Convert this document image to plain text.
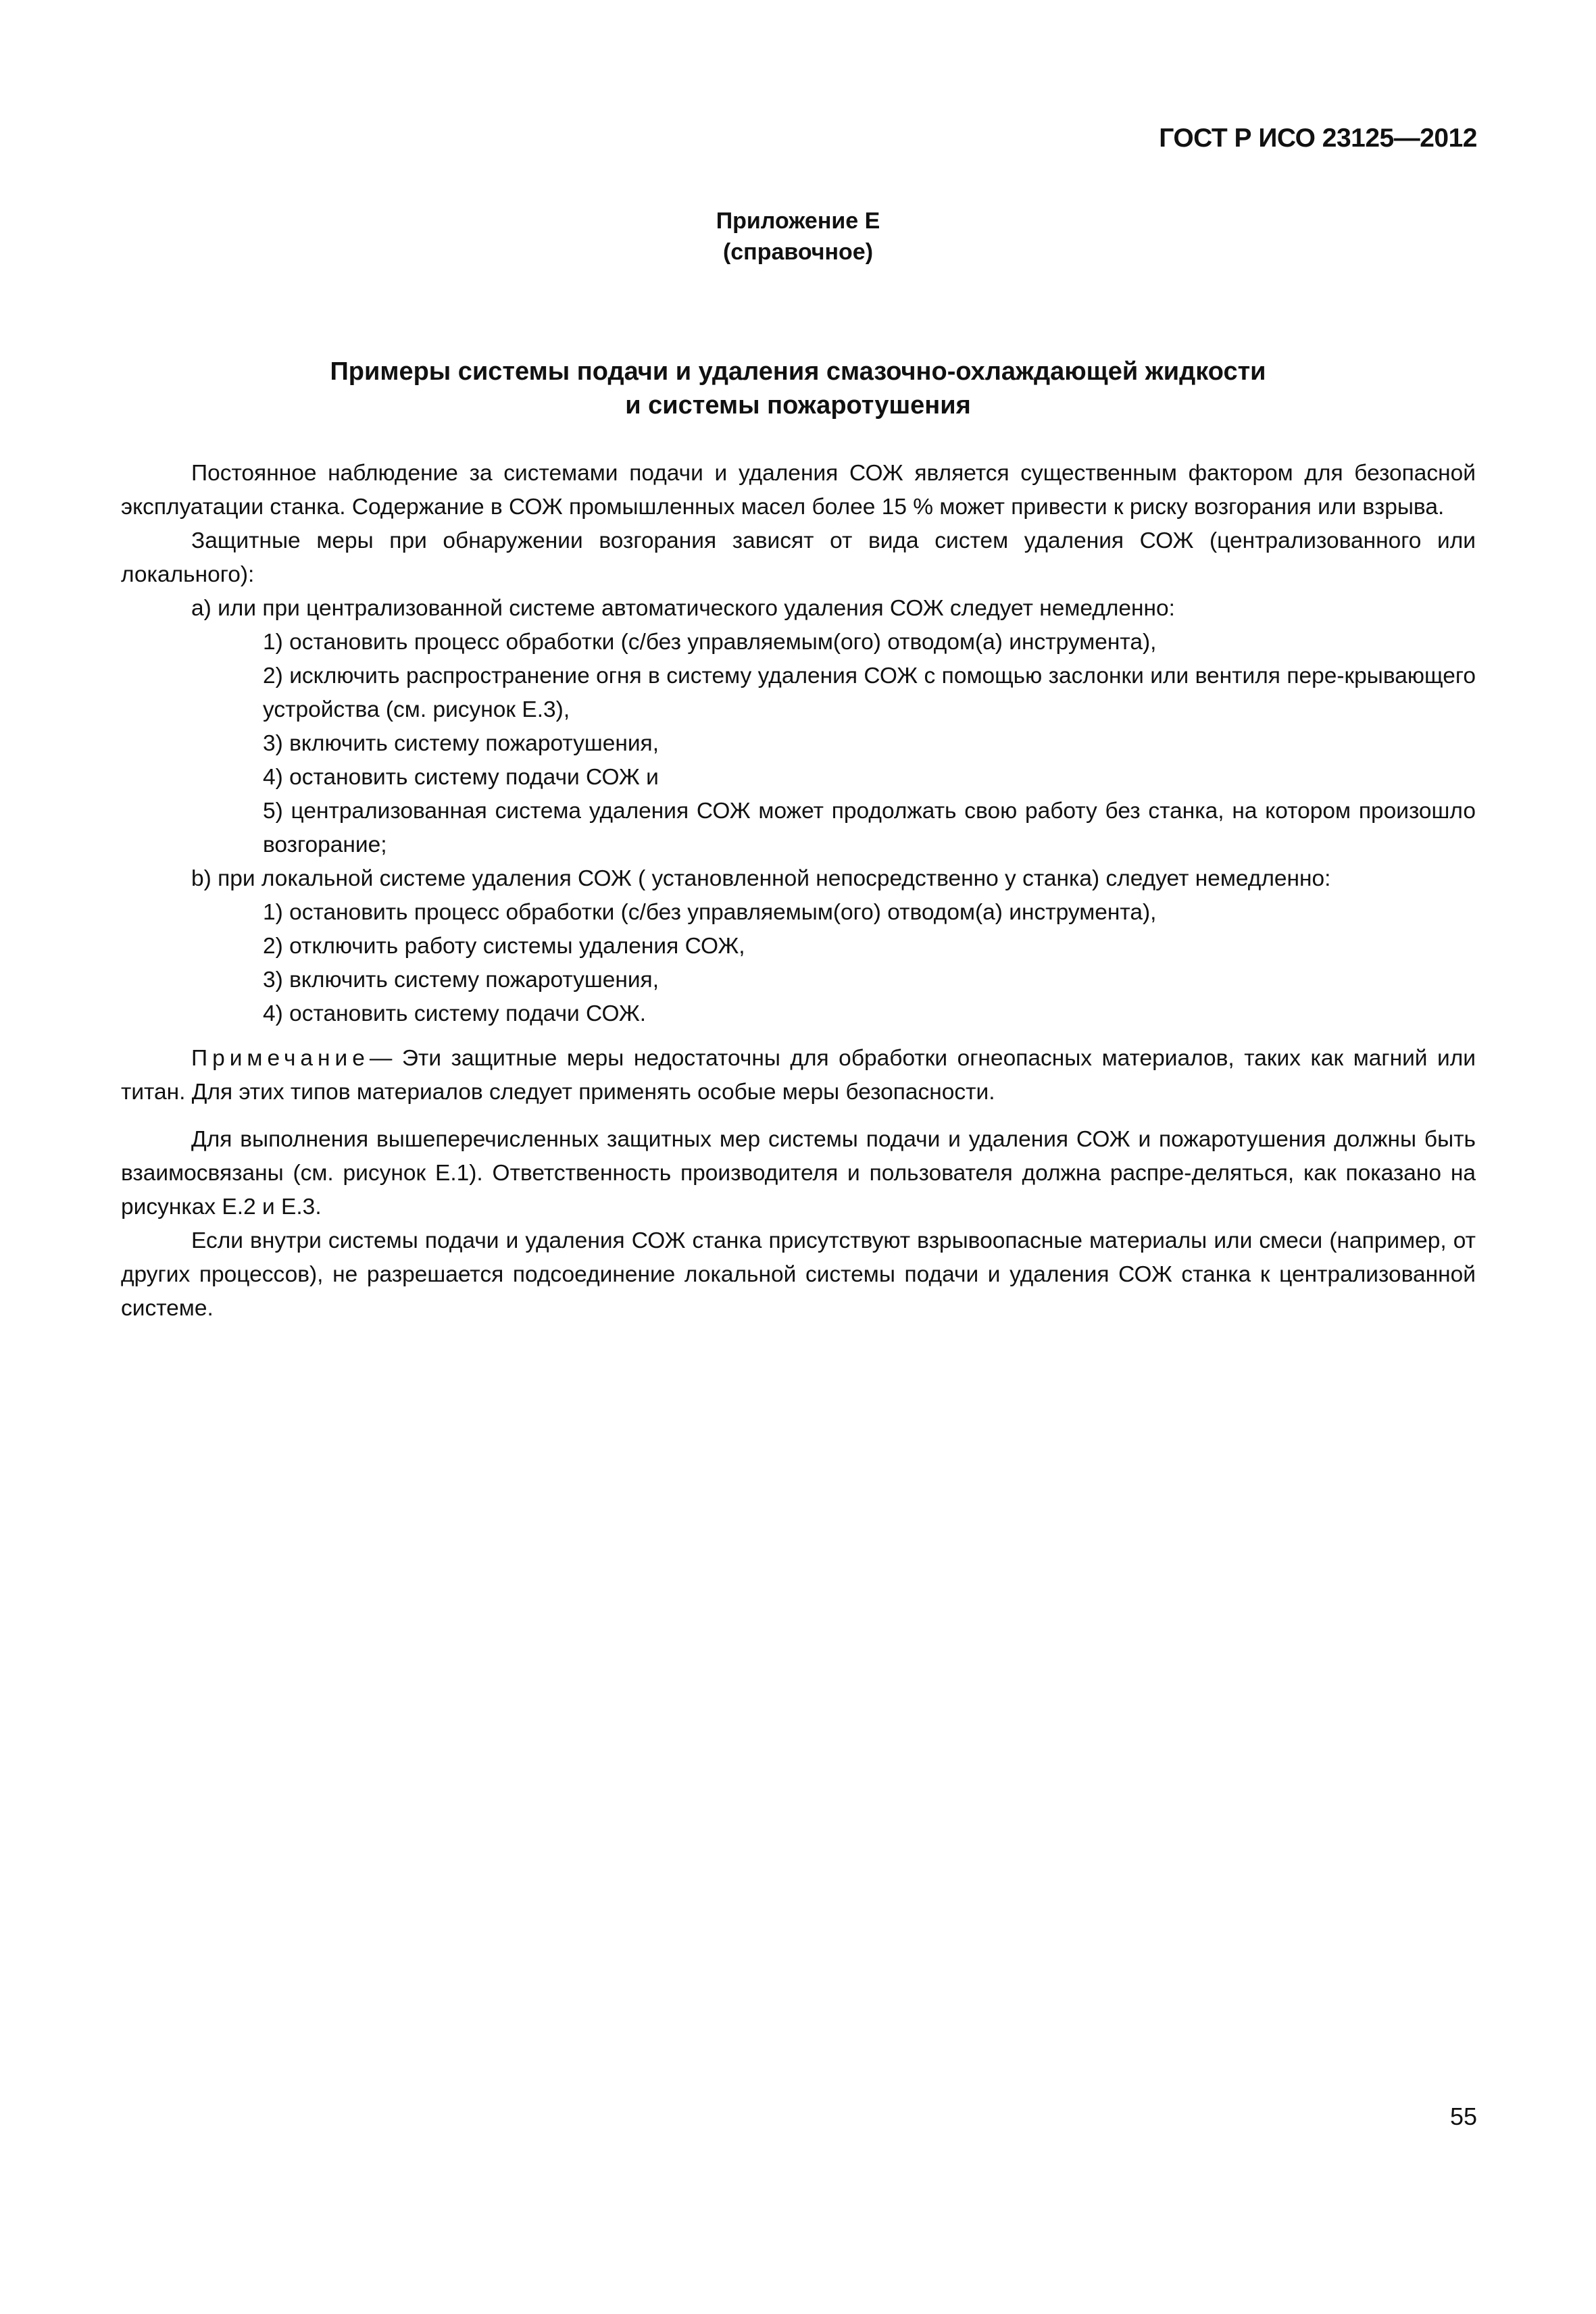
ГОСТ Р ИСО 23125—2012
Приложение Е
(справочное)
Примеры системы подачи и удаления смазочно-охлаждающей жидкости
и системы пожаротушения

Постоянное наблюдение за системами подачи и удаления СОЖ является существенным фактором для безопасной эксплуатации станка. Содержание в СОЖ промышленных масел более 15 % может привести к риску возгорания или взрыва.

Защитные меры при обнаружении возгорания зависят от вида систем удаления СОЖ (централизованного или локального):

a) или при централизованной системе автоматического удаления СОЖ следует немедленно:

1) остановить процесс обработки (с/без управляемым(ого) отводом(а) инструмента),

2) исключить распространение огня в систему удаления СОЖ с помощью заслонки или вентиля пере-крывающего устройства (см. рисунок Е.3),

3) включить систему пожаротушения,

4) остановить систему подачи СОЖ и

5) централизованная система удаления СОЖ может продолжать свою работу без станка, на котором произошло возгорание;

b) при локальной системе удаления СОЖ ( установленной непосредственно у станка) следует немедленно:

1) остановить процесс обработки (с/без управляемым(ого) отводом(а) инструмента),

2) отключить работу системы удаления СОЖ,

3) включить систему пожаротушения,

4) остановить систему подачи СОЖ.

Примечание— Эти защитные меры недостаточны для обработки огнеопасных материалов, таких как магний или титан. Для этих типов материалов следует применять особые меры безопасности.

Для выполнения вышеперечисленных защитных мер системы подачи и удаления СОЖ и пожаротушения должны быть взаимосвязаны (см. рисунок Е.1). Ответственность производителя и пользователя должна распре-деляться, как показано на рисунках Е.2 и Е.3.

Если внутри системы подачи и удаления СОЖ станка присутствуют взрывоопасные материалы или смеси (например, от других процессов), не разрешается подсоединение локальной системы подачи и удаления СОЖ станка к централизованной системе.

55
